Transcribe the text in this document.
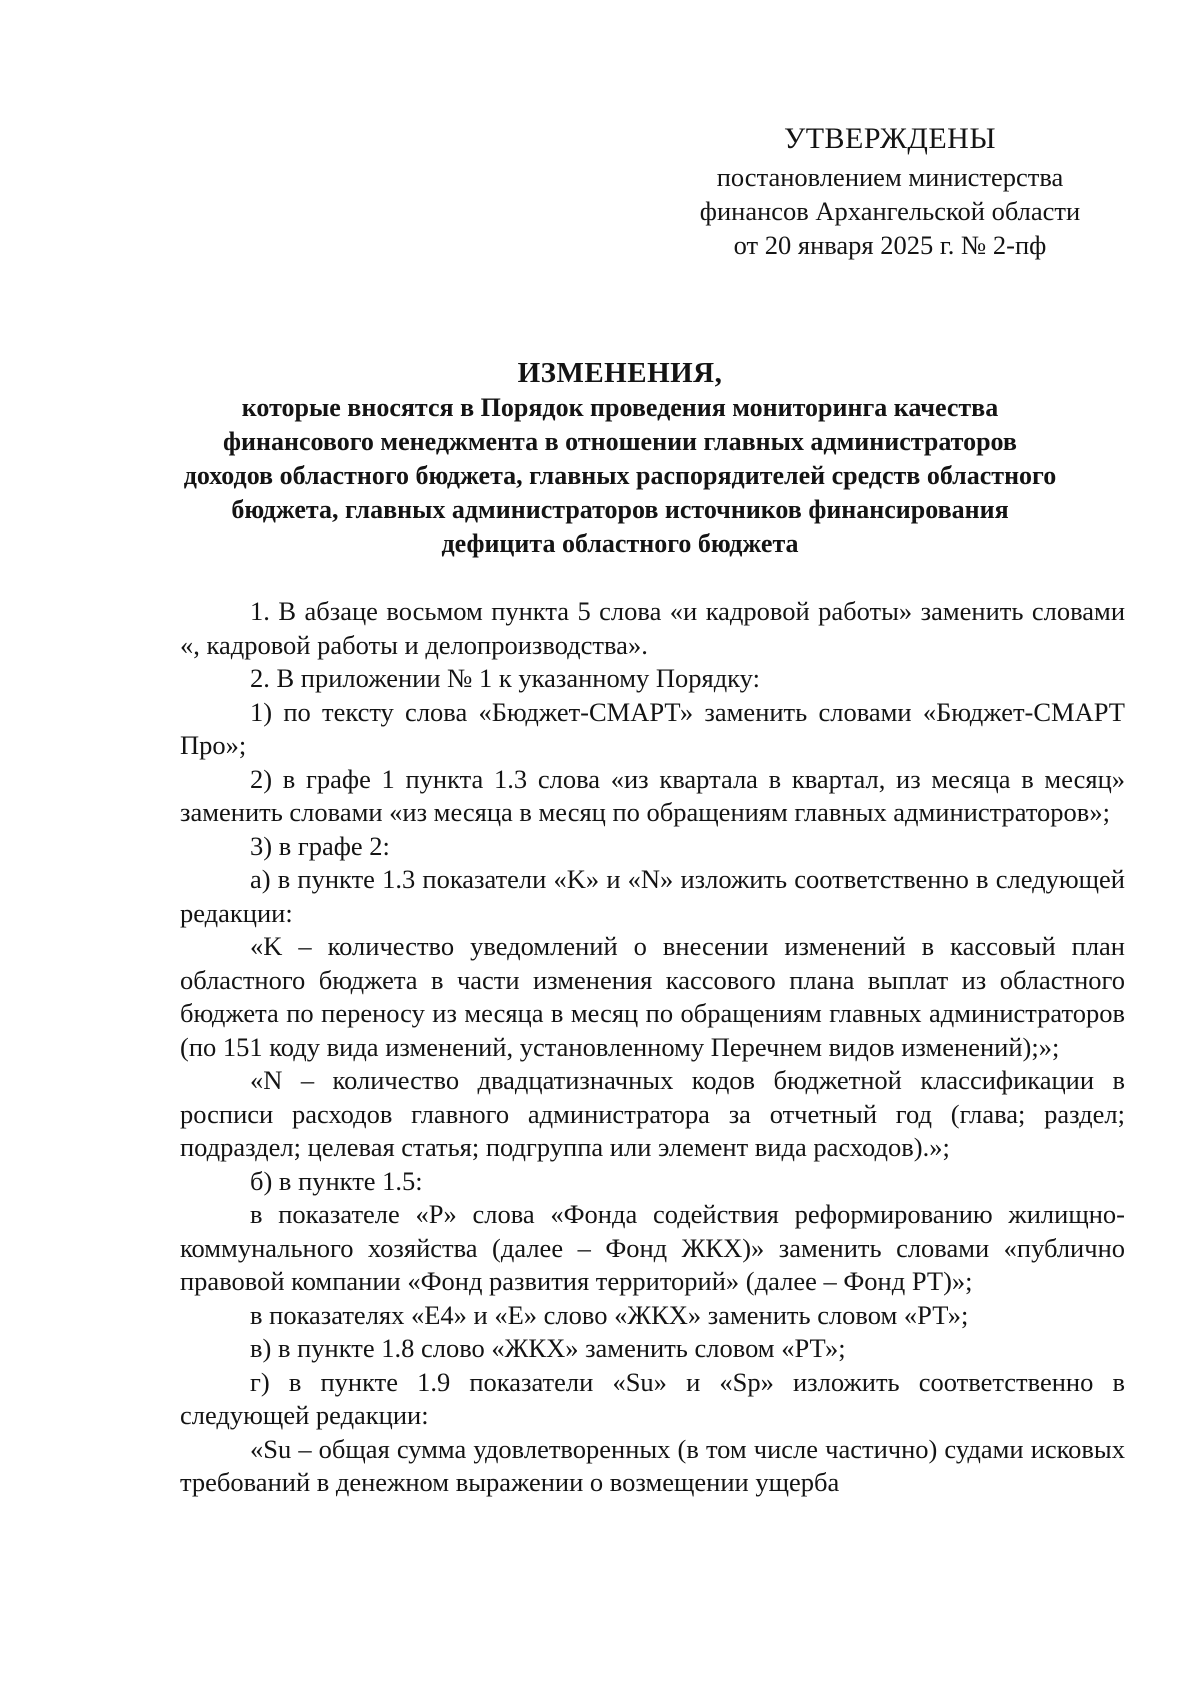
УТВЕРЖДЕНЫ
постановлением министерства
финансов Архангельской области
от 20 января 2025 г. № 2-пф
ИЗМЕНЕНИЯ,
которые вносятся в Порядок проведения мониторинга качества финансового менеджмента в отношении главных администраторов доходов областного бюджета, главных распорядителей средств областного бюджета, главных администраторов источников финансирования дефицита областного бюджета

1. В абзаце восьмом пункта 5 слова «и кадровой работы» заменить словами «, кадровой работы и делопроизводства».

2. В приложении № 1 к указанному Порядку:

1) по тексту слова «Бюджет-СМАРТ» заменить словами «Бюджет-СМАРТ Про»;

2) в графе 1 пункта 1.3 слова «из квартала в квартал, из месяца в месяц» заменить словами «из месяца в месяц по обращениям главных администраторов»;

3) в графе 2:

а) в пункте 1.3 показатели «K» и «N» изложить соответственно в следующей редакции:

«K – количество уведомлений о внесении изменений в кассовый план областного бюджета в части изменения кассового плана выплат из областного бюджета по переносу из месяца в месяц по обращениям главных администраторов (по 151 коду вида изменений, установленному Перечнем видов изменений);»;

«N – количество двадцатизначных кодов бюджетной классификации в росписи расходов главного администратора за отчетный год (глава; раздел; подраздел; целевая статья; подгруппа или элемент вида расходов).»;

б) в пункте 1.5:

в показателе «P» слова «Фонда содействия реформированию жилищно-коммунального хозяйства (далее – Фонд ЖКХ)» заменить словами «публично правовой компании «Фонд развития территорий» (далее – Фонд РТ)»;

в показателях «E4» и «E» слово «ЖКХ» заменить словом «РТ»;

в) в пункте 1.8 слово «ЖКХ» заменить словом «РТ»;

г) в пункте 1.9 показатели «Su» и «Sp» изложить соответственно в следующей редакции:

«Su – общая сумма удовлетворенных (в том числе частично) судами исковых требований в денежном выражении о возмещении ущерба
